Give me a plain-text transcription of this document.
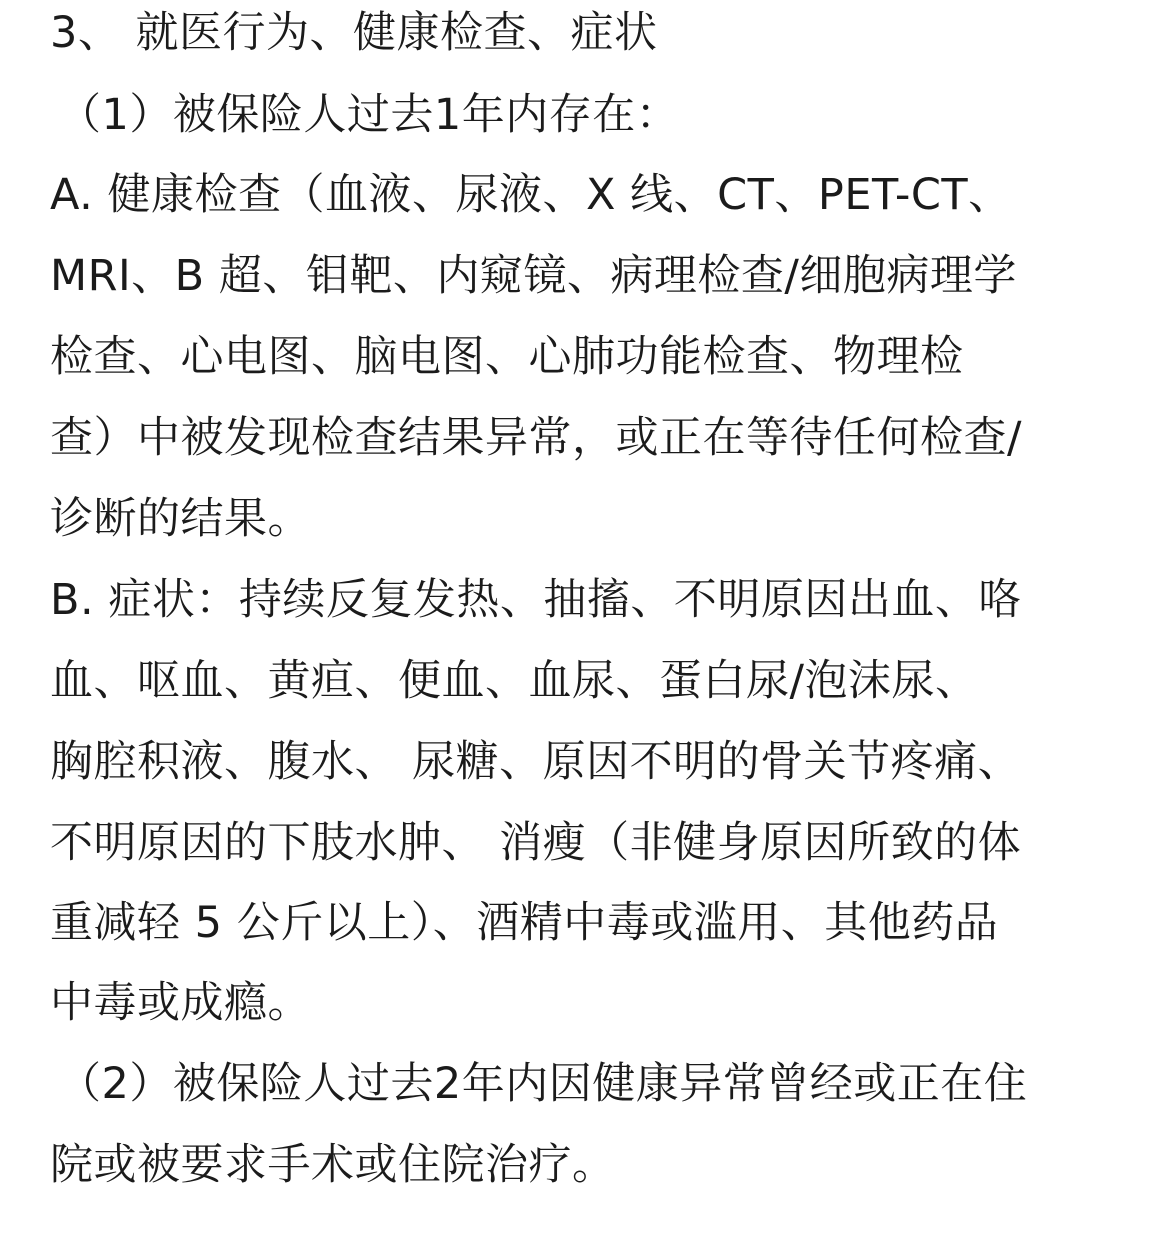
3、 就医行为、健康检查、症状

（1）被保险人过去1年内存在：

A. 健康检查（血液、尿液、X 线、CT、PET-CT、

MRI、B 超、钼靶、内窥镜、病理检查/细胞病理学

检查、心电图、脑电图、心肺功能检查、物理检

查）中被发现检查结果异常，或正在等待任何检查/

诊断的结果。

B. 症状：持续反复发热、抽搐、不明原因出血、咯

血、呕血、黄疸、便血、血尿、蛋白尿/泡沫尿、

胸腔积液、腹水、 尿糖、原因不明的骨关节疼痛、

不明原因的下肢水肿、 消瘦（非健身原因所致的体

重减轻 5 公斤以上）、酒精中毒或滥用、其他药品

中毒或成瘾。

（2）被保险人过去2年内因健康异常曾经或正在住

院或被要求手术或住院治疗。
